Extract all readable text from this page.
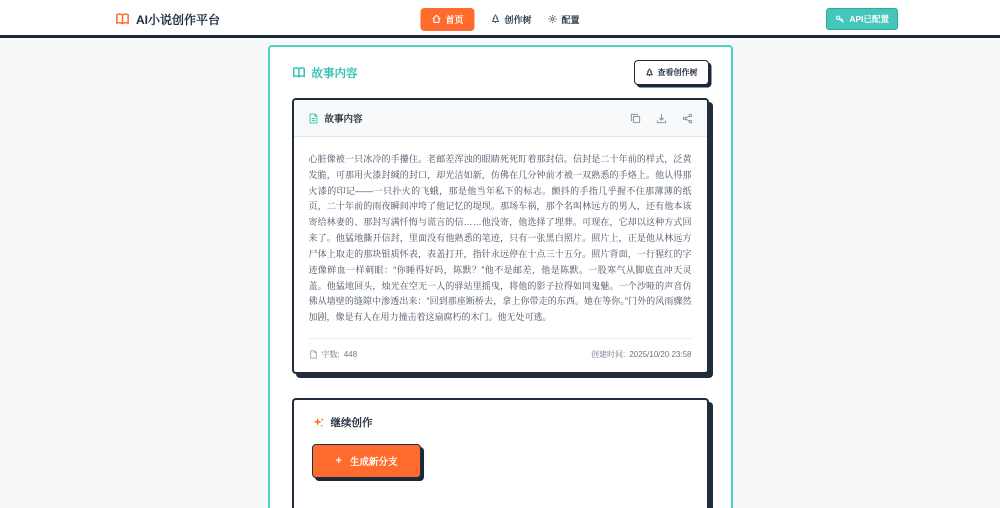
AI小说创作平台	首页	创作树	配置	API已配置
故事内容	查看创作树
故事内容
心脏像被一只冰冷的手攥住。老邮差浑浊的眼睛死死盯着那封信。信封是二十年前的样式，泛黄发脆，可那用火漆封缄的封口，却光洁如新，仿佛在几分钟前才被一双熟悉的手烙上。他认得那火漆的印记——一只扑火的飞蛾，那是他当年私下的标志。颤抖的手指几乎握不住那薄薄的纸页，二十年前的雨夜瞬间冲垮了他记忆的堤坝。那场车祸，那个名叫林远方的男人，还有他本该寄给林妻的、那封写满忏悔与谎言的信……他没寄，他选择了埋葬。可现在，它却以这种方式回来了。他猛地撕开信封，里面没有他熟悉的笔迹，只有一张黑白照片。照片上，正是他从林远方尸体上取走的那块银质怀表，表盖打开，指针永远停在十点三十五分。照片背面，一行猩红的字迹像鲜血一样刺眼：“你睡得好吗，陈默？”他不是邮差，他是陈默。一股寒气从脚底直冲天灵盖。他猛地回头，烛光在空无一人的驿站里摇曳，将他的影子拉得如同鬼魅。一个沙哑的声音仿佛从墙壁的缝隙中渗透出来：“回到那座断桥去，拿上你带走的东西。她在等你。”门外的风雨骤然加剧，像是有人在用力撞击着这扇腐朽的木门。他无处可逃。
字数: 448	创建时间: 2025/10/20 23:58
继续创作
+ 生成新分支
